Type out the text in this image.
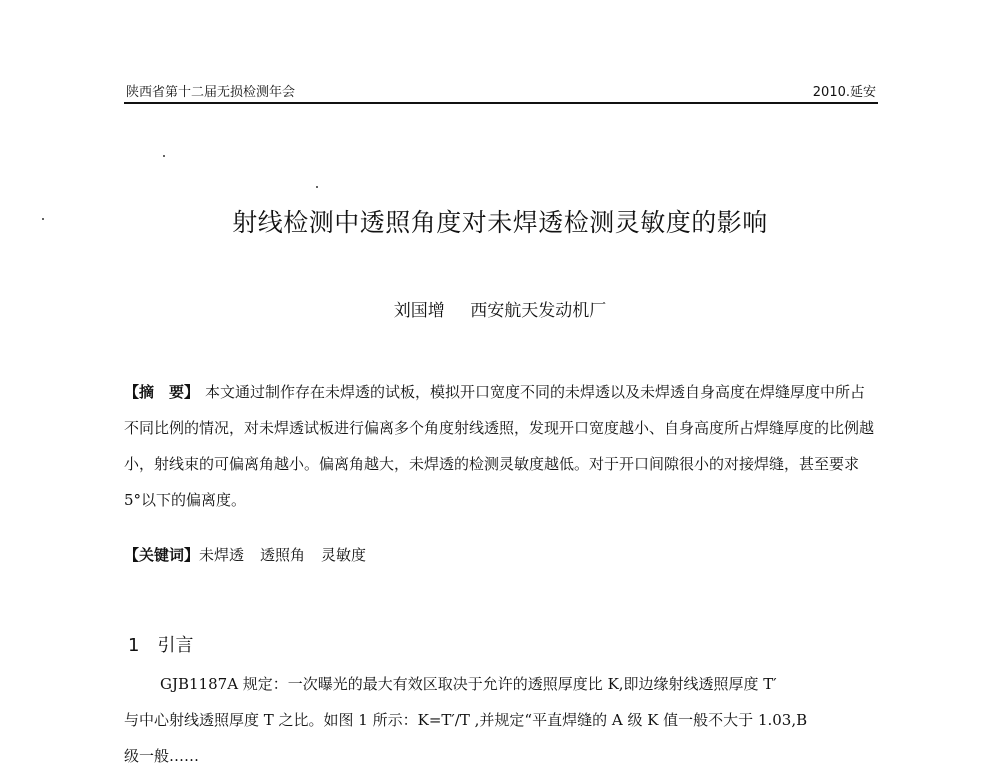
陕西省第十二届无损检测年会	2010.延安
射线检测中透照角度对未焊透检测灵敏度的影响
刘国增 西安航天发动机厂
【摘　要】 本文通过制作存在未焊透的试板，模拟开口宽度不同的未焊透以及未焊透自身高度在焊缝厚度中所占不同比例的情况，对未焊透试板进行偏离多个角度射线透照，发现开口宽度越小、自身高度所占焊缝厚度的比例越小，射线束的可偏离角越小。偏离角越大，未焊透的检测灵敏度越低。对于开口间隙很小的对接焊缝，甚至要求 5°以下的偏离度。
【关键词】未焊透 透照角 灵敏度
1 引言
GJB1187A 规定：一次曝光的最大有效区取决于允许的透照厚度比 K,即边缘射线透照厚度 T′
与中心射线透照厚度 T 之比。如图 1 所示：K=T′/T ,并规定“平直焊缝的 A 级 K 值一般不大于 1.03,B
级一般……
